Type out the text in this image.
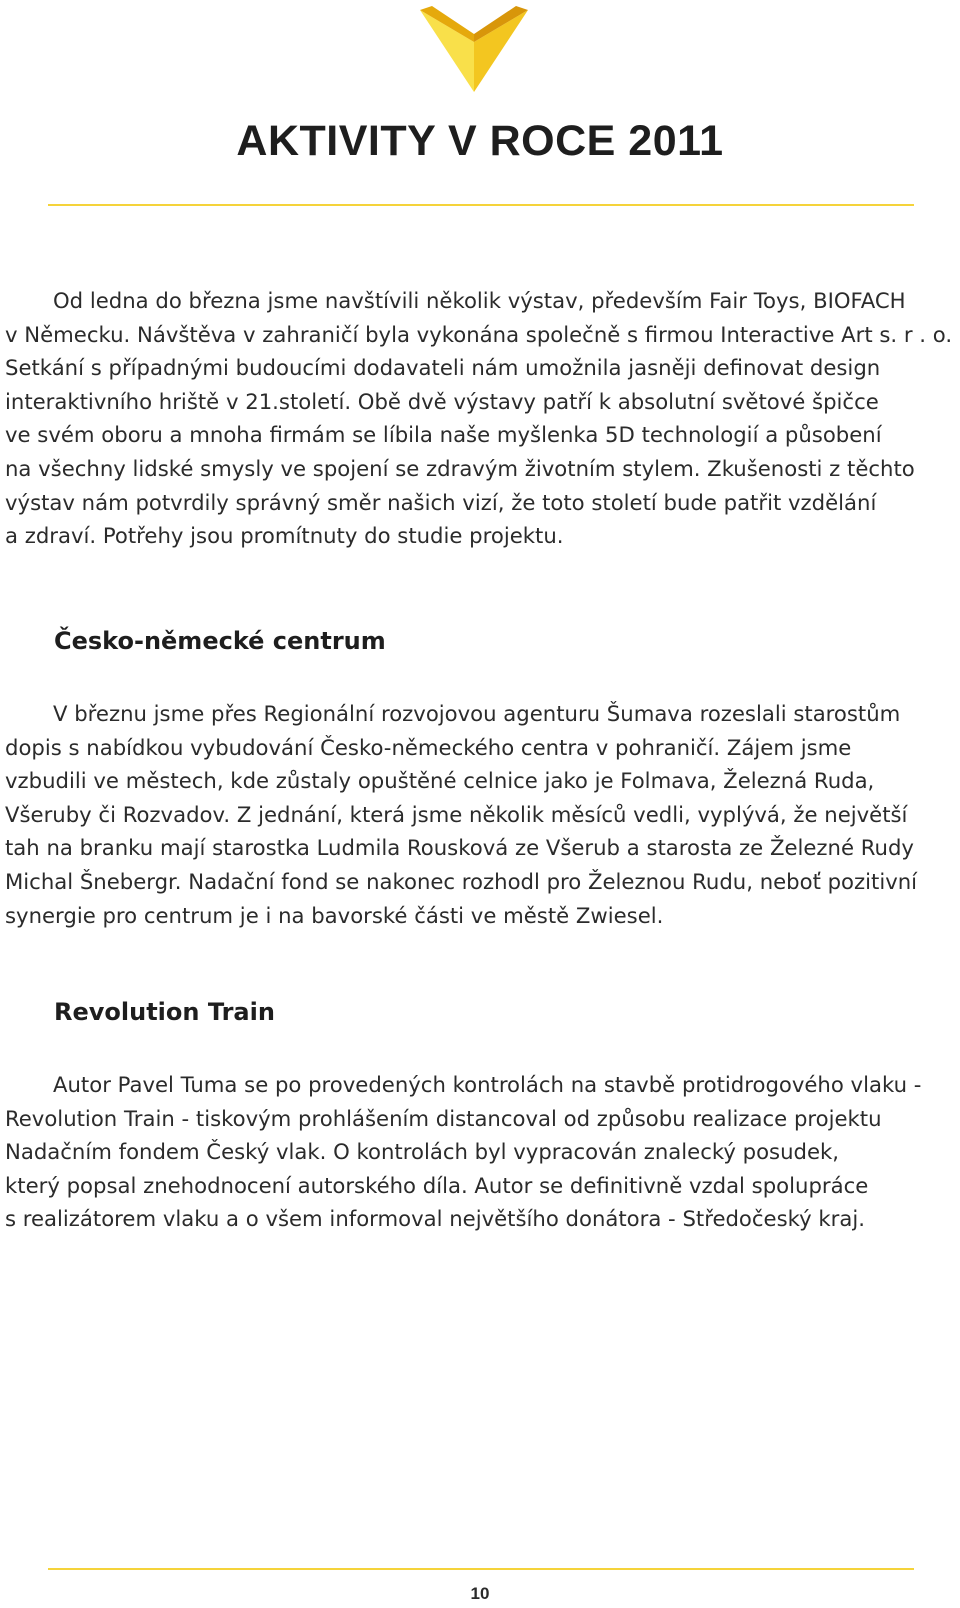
AKTIVITY V ROCE 2011

Od ledna do března jsme navštívili několik výstav, především Fair Toys, BIOFACH
v Německu. Návštěva v zahraničí byla vykonána společně s firmou Interactive Art s. r . o.
Setkání s případnými budoucími dodavateli nám umožnila jasněji definovat design
interaktivního hriště v 21.století. Obě dvě výstavy patří k absolutní světové špičce
ve svém oboru a mnoha firmám se líbila naše myšlenka 5D technologií a působení
na všechny lidské smysly ve spojení se zdravým životním stylem. Zkušenosti z těchto
výstav nám potvrdily správný směr našich vizí, že toto století bude patřit vzdělání
a zdraví. Potřehy jsou promítnuty do studie projektu.

Česko-německé centrum

V březnu jsme přes Regionální rozvojovou agenturu Šumava rozeslali starostům
dopis s nabídkou vybudování Česko-německého centra v pohraničí. Zájem jsme
vzbudili ve městech, kde zůstaly opuštěné celnice jako je Folmava, Železná Ruda,
Všeruby či Rozvadov. Z jednání, která jsme několik měsíců vedli, vyplývá, že největší
tah na branku mají starostka Ludmila Rousková ze Všerub a starosta ze Železné Rudy
Michal Šnebergr. Nadační fond se nakonec rozhodl pro Železnou Rudu, neboť pozitivní
synergie pro centrum je i na bavorské části ve městě Zwiesel.

Revolution Train

Autor Pavel Tuma se po provedených kontrolách na stavbě protidrogového vlaku -
Revolution Train - tiskovým prohlášením distancoval od způsobu realizace projektu
Nadačním fondem Český vlak. O kontrolách byl vypracován znalecký posudek,
který popsal znehodnocení autorského díla. Autor se definitivně vzdal spolupráce
s realizátorem vlaku a o všem informoval největšího donátora - Středočeský kraj.

10
